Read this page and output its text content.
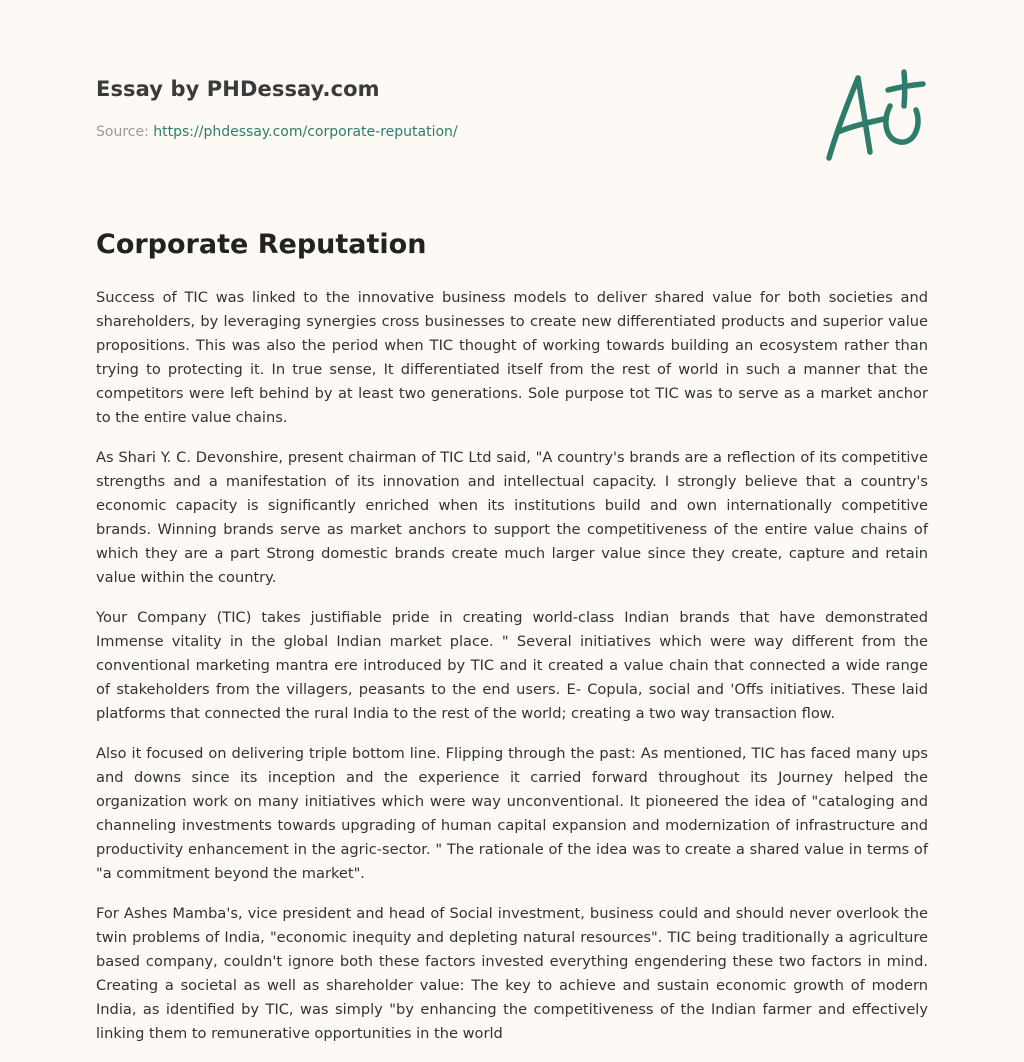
Essay by PHDessay.com
Source: https://phdessay.com/corporate-reputation/
Corporate Reputation

Success of TIC was linked to the innovative business models to deliver shared value for both societies and shareholders, by leveraging synergies cross businesses to create new differentiated products and superior value propositions. This was also the period when TIC thought of working towards building an ecosystem rather than trying to protecting it. In true sense, It differentiated itself from the rest of world in such a manner that the competitors were left behind by at least two generations. Sole purpose tot TIC was to serve as a market anchor to the entire value chains.

As Shari Y. C. Devonshire, present chairman of TIC Ltd said, "A country's brands are a reflection of its competitive strengths and a manifestation of its innovation and intellectual capacity. I strongly believe that a country's economic capacity is significantly enriched when its institutions build and own internationally competitive brands. Winning brands serve as market anchors to support the competitiveness of the entire value chains of which they are a part Strong domestic brands create much larger value since they create, capture and retain value within the country.

Your Company (TIC) takes justifiable pride in creating world-class Indian brands that have demonstrated Immense vitality in the global Indian market place. " Several initiatives which were way different from the conventional marketing mantra ere introduced by TIC and it created a value chain that connected a wide range of stakeholders from the villagers, peasants to the end users. E- Copula, social and 'Offs initiatives. These laid platforms that connected the rural India to the rest of the world; creating a two way transaction flow.

Also it focused on delivering triple bottom line. Flipping through the past: As mentioned, TIC has faced many ups and downs since its inception and the experience it carried forward throughout its Journey helped the organization work on many initiatives which were way unconventional. It pioneered the idea of "cataloging and channeling investments towards upgrading of human capital expansion and modernization of infrastructure and productivity enhancement in the agric-sector. " The rationale of the idea was to create a shared value in terms of "a commitment beyond the market".

For Ashes Mamba's, vice president and head of Social investment, business could and should never overlook the twin problems of India, "economic inequity and depleting natural resources". TIC being traditionally a agriculture based company, couldn't ignore both these factors invested everything engendering these two factors in mind. Creating a societal as well as shareholder value: The key to achieve and sustain economic growth of modern India, as identified by TIC, was simply "by enhancing the competitiveness of the Indian farmer and effectively linking them to remunerative opportunities in the world
